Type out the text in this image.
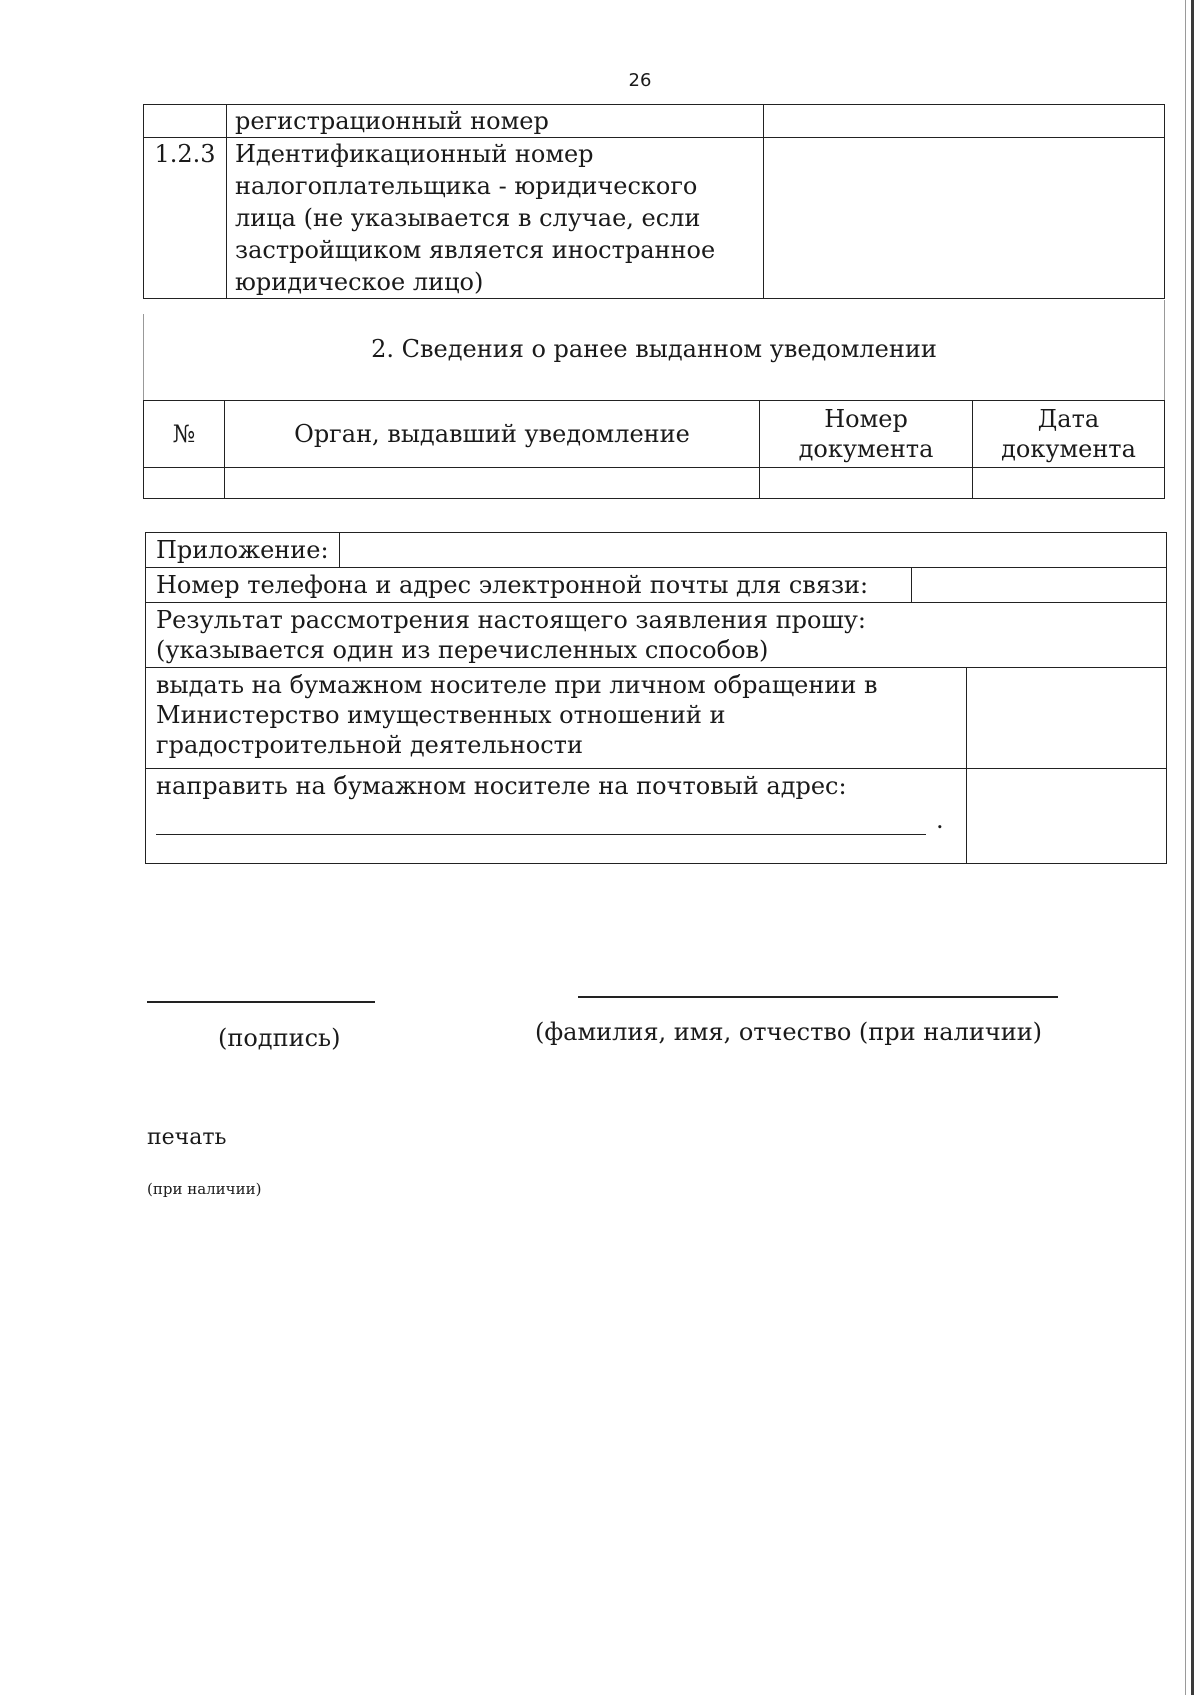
26
	регистрационный номер	
1.2.3	Идентификационный номер налогоплательщика - юридического лица (не указывается в случае, если застройщиком является иностранное юридическое лицо)	
2. Сведения о ранее выданном уведомлении
№	Орган, выдавший уведомление	Номер документа	Дата документа

Приложение:	

Номер телефона и адрес электронной почты для связи:	

Результат рассмотрения настоящего заявления прошу:
(указывается один из перечисленных способов)	

выдать на бумажном носителе при личном обращении в Министерство имущественных отношений и градостроительной деятельности	

направить на бумажном носителе на почтовый адрес:
.	

(подпись)	(фамилия, имя, отчество (при наличии)
печать
(при наличии)
